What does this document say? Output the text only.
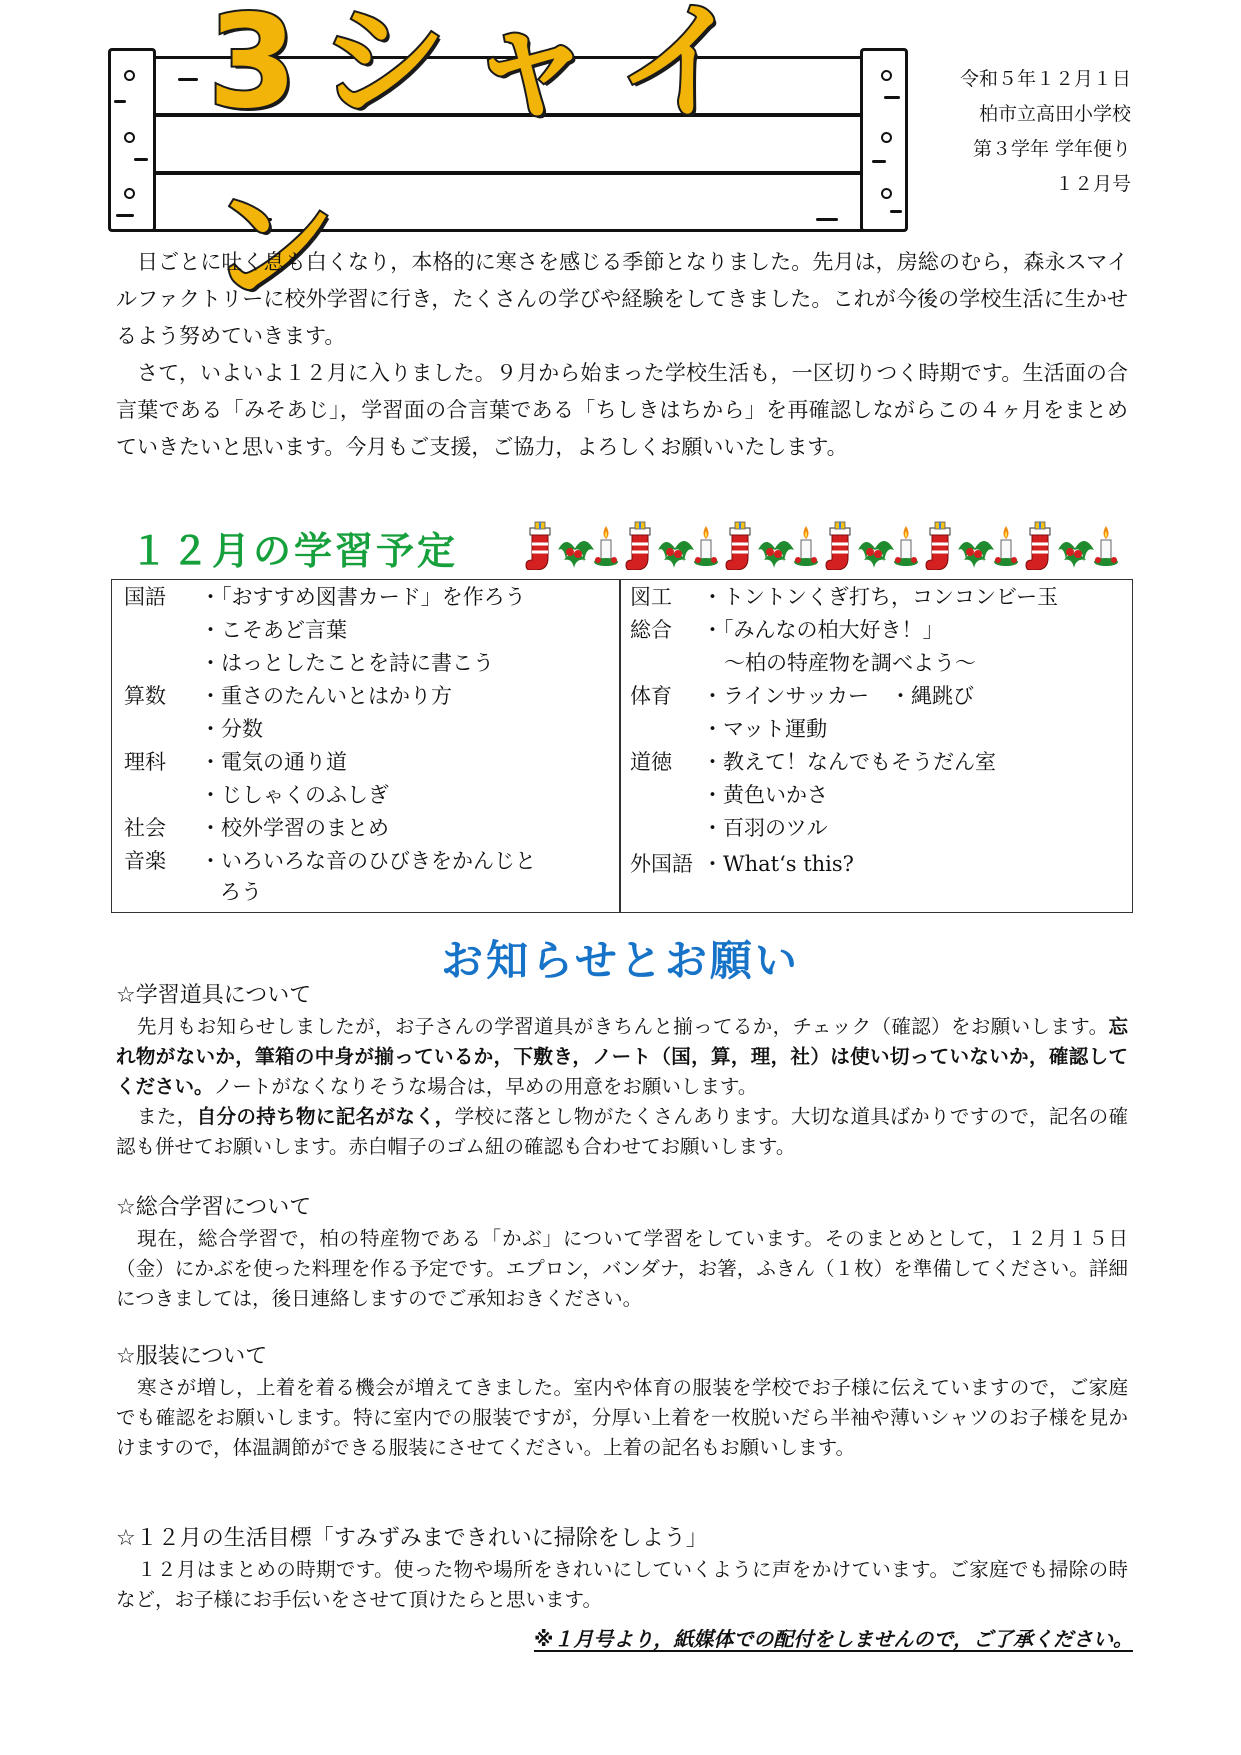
3シャイン
令和５年１２月１日
柏市立高田小学校
第３学年 学年便り
１２月号

日ごとに吐く息も白くなり，本格的に寒さを感じる季節となりました。先月は，房総のむら，森永スマイルファクトリーに校外学習に行き，たくさんの学びや経験をしてきました。これが今後の学校生活に生かせるよう努めていきます。

さて，いよいよ１２月に入りました。９月から始まった学校生活も，一区切りつく時期です。生活面の合言葉である「みそあじ」，学習面の合言葉である「ちしきはちから」を再確認しながらこの４ヶ月をまとめていきたいと思います。今月もご支援，ご協力，よろしくお願いいたします。

１２月の学習予定
国語 ・「おすすめ図書カード」を作ろう
・こそあど言葉
・はっとしたことを詩に書こう
算数 ・重さのたんいとはかり方
・分数
理科 ・電気の通り道
・じしゃくのふしぎ
社会 ・校外学習のまとめ
音楽 ・いろいろな音のひびきをかんじと
ろう
図工 ・トントンくぎ打ち，コンコンビー玉
総合 ・「みんなの柏大好き！」
～柏の特産物を調べよう～
体育 ・ラインサッカー　・縄跳び
・マット運動
道徳 ・教えて！なんでもそうだん室
・黄色いかさ
・百羽のツル
外国語 ・What‘s this?
お知らせとお願い
☆学習道具について

先月もお知らせしましたが，お子さんの学習道具がきちんと揃ってるか，チェック（確認）をお願いします。忘れ物がないか，筆箱の中身が揃っているか，下敷き，ノート（国，算，理，社）は使い切っていないか，確認してください。ノートがなくなりそうな場合は，早めの用意をお願いします。
また，自分の持ち物に記名がなく，学校に落とし物がたくさんあります。大切な道具ばかりですので，記名の確認も併せてお願いします。赤白帽子のゴム紐の確認も合わせてお願いします。

☆総合学習について

現在，総合学習で，柏の特産物である「かぶ」について学習をしています。そのまとめとして，１２月１５日（金）にかぶを使った料理を作る予定です。エプロン，バンダナ，お箸，ふきん（１枚）を準備してください。詳細につきましては，後日連絡しますのでご承知おきください。

☆服装について

寒さが増し，上着を着る機会が増えてきました。室内や体育の服装を学校でお子様に伝えていますので，ご家庭でも確認をお願いします。特に室内での服装ですが，分厚い上着を一枚脱いだら半袖や薄いシャツのお子様を見かけますので，体温調節ができる服装にさせてください。上着の記名もお願いします。

☆１２月の生活目標「すみずみまできれいに掃除をしよう」

１２月はまとめの時期です。使った物や場所をきれいにしていくように声をかけています。ご家庭でも掃除の時など，お子様にお手伝いをさせて頂けたらと思います。

※１月号より，紙媒体での配付をしませんので，ご了承ください。
